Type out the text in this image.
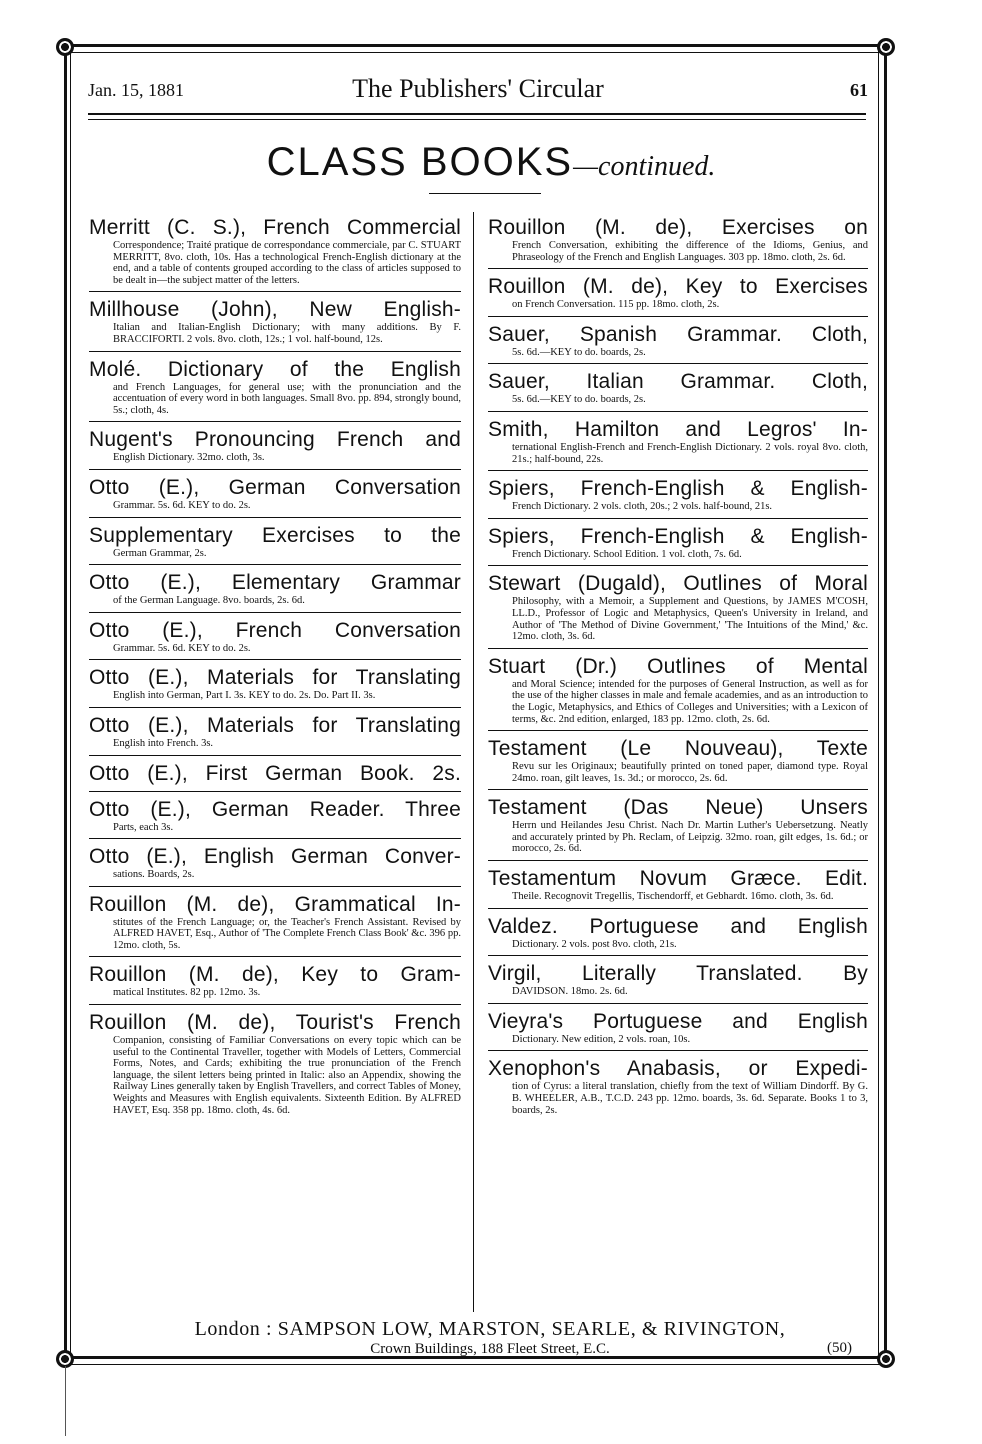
Jan. 15, 1881	The Publishers' Circular	61
CLASS BOOKS—continued.
Merritt (C. S.), French Commercial
Correspondence; Traité pratique de correspondance commerciale, par C. STUART MERRITT, 8vo. cloth, 10s. Has a technological French-English dictionary at the end, and a table of contents grouped according to the class of articles supposed to be dealt in—the subject matter of the letters.
Millhouse (John), New English-
Italian and Italian-English Dictionary; with many additions. By F. BRACCIFORTI. 2 vols. 8vo. cloth, 12s.; 1 vol. half-bound, 12s.
Molé. Dictionary of the English
and French Languages, for general use; with the pronunciation and the accentuation of every word in both languages. Small 8vo. pp. 894, strongly bound, 5s.; cloth, 4s.
Nugent's Pronouncing French and
English Dictionary. 32mo. cloth, 3s.
Otto (E.), German Conversation
Grammar. 5s. 6d. KEY to do. 2s.
Supplementary Exercises to the
German Grammar, 2s.
Otto (E.), Elementary Grammar
of the German Language. 8vo. boards, 2s. 6d.
Otto (E.), French Conversation
Grammar. 5s. 6d. KEY to do. 2s.
Otto (E.), Materials for Translating
English into German, Part I. 3s. KEY to do. 2s. Do. Part II. 3s.
Otto (E.), Materials for Translating
English into French. 3s.
Otto (E.), First German Book. 2s.
Otto (E.), German Reader. Three
Parts, each 3s.
Otto (E.), English German Conver-
sations. Boards, 2s.
Rouillon (M. de), Grammatical In-
stitutes of the French Language; or, the Teacher's French Assistant. Revised by ALFRED HAVET, Esq., Author of 'The Complete French Class Book' &c. 396 pp. 12mo. cloth, 5s.
Rouillon (M. de), Key to Gram-
matical Institutes. 82 pp. 12mo. 3s.
Rouillon (M. de), Tourist's French
Companion, consisting of Familiar Conversations on every topic which can be useful to the Continental Traveller, together with Models of Letters, Commercial Forms, Notes, and Cards; exhibiting the true pronunciation of the French language, the silent letters being printed in Italic: also an Appendix, showing the Railway Lines generally taken by English Travellers, and correct Tables of Money, Weights and Measures with English equivalents. Sixteenth Edition. By ALFRED HAVET, Esq. 358 pp. 18mo. cloth, 4s. 6d.
Rouillon (M. de), Exercises on
French Conversation, exhibiting the difference of the Idioms, Genius, and Phraseology of the French and English Languages. 303 pp. 18mo. cloth, 2s. 6d.
Rouillon (M. de), Key to Exercises
on French Conversation. 115 pp. 18mo. cloth, 2s.
Sauer, Spanish Grammar. Cloth,
5s. 6d.—KEY to do. boards, 2s.
Sauer, Italian Grammar. Cloth,
5s. 6d.—KEY to do. boards, 2s.
Smith, Hamilton and Legros' In-
ternational English-French and French-English Dictionary. 2 vols. royal 8vo. cloth, 21s.; half-bound, 22s.
Spiers, French-English & English-
French Dictionary. 2 vols. cloth, 20s.; 2 vols. half-bound, 21s.
Spiers, French-English & English-
French Dictionary. School Edition. 1 vol. cloth, 7s. 6d.
Stewart (Dugald), Outlines of Moral
Philosophy, with a Memoir, a Supplement and Questions, by JAMES M'COSH, LL.D., Professor of Logic and Metaphysics, Queen's University in Ireland, and Author of 'The Method of Divine Government,' 'The Intuitions of the Mind,' &c. 12mo. cloth, 3s. 6d.
Stuart (Dr.) Outlines of Mental
and Moral Science; intended for the purposes of General Instruction, as well as for the use of the higher classes in male and female academies, and as an introduction to the Logic, Metaphysics, and Ethics of Colleges and Universities; with a Lexicon of terms, &c. 2nd edition, enlarged, 183 pp. 12mo. cloth, 2s. 6d.
Testament (Le Nouveau), Texte
Revu sur les Originaux; beautifully printed on toned paper, diamond type. Royal 24mo. roan, gilt leaves, 1s. 3d.; or morocco, 2s. 6d.
Testament (Das Neue) Unsers
Herrn und Heilandes Jesu Christ. Nach Dr. Martin Luther's Uebersetzung. Neatly and accurately printed by Ph. Reclam, of Leipzig. 32mo. roan, gilt edges, 1s. 6d.; or morocco, 2s. 6d.
Testamentum Novum Græce. Edit.
Theile. Recognovit Tregellis, Tischendorff, et Gebhardt. 16mo. cloth, 3s. 6d.
Valdez. Portuguese and English
Dictionary. 2 vols. post 8vo. cloth, 21s.
Virgil, Literally Translated. By
DAVIDSON. 18mo. 2s. 6d.
Vieyra's Portuguese and English
Dictionary. New edition, 2 vols. roan, 10s.
Xenophon's Anabasis, or Expedi-
tion of Cyrus: a literal translation, chiefly from the text of William Dindorff. By G. B. WHEELER, A.B., T.C.D. 243 pp. 12mo. boards, 3s. 6d. Separate. Books 1 to 3, boards, 2s.
London : SAMPSON LOW, MARSTON, SEARLE, & RIVINGTON,
Crown Buildings, 188 Fleet Street, E.C.	(50)
